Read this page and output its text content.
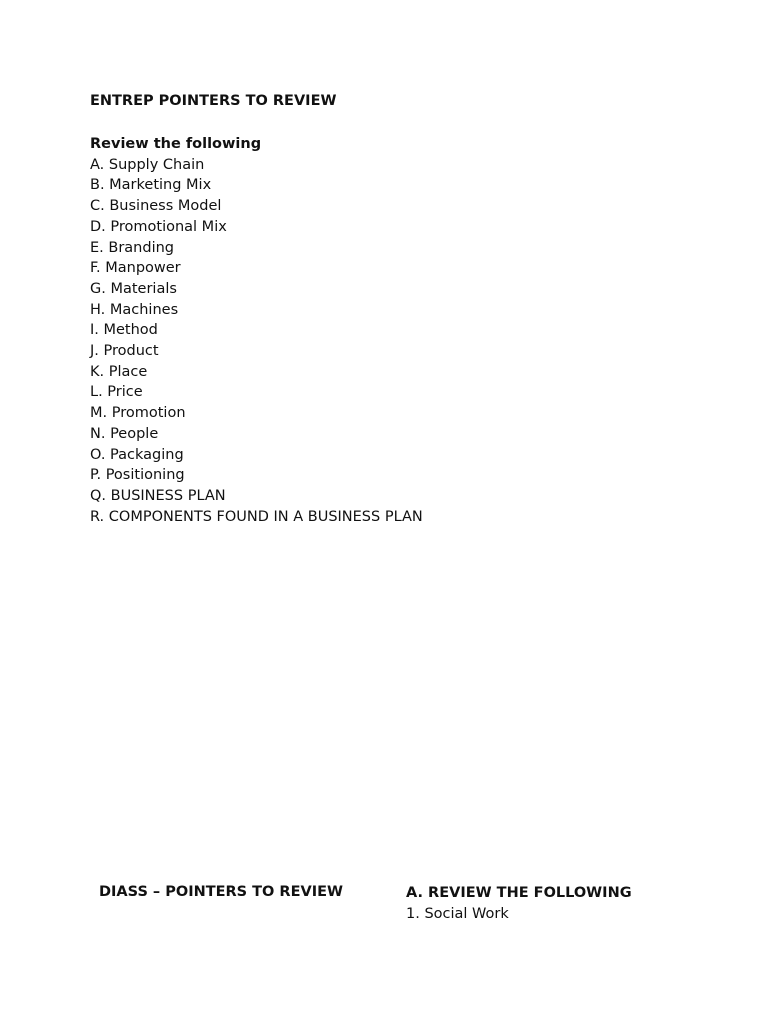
ENTREP POINTERS TO REVIEW
Review the following
A. Supply Chain
B. Marketing Mix
C. Business Model
D. Promotional Mix
E. Branding
F. Manpower
G. Materials
H. Machines
I. Method
J. Product
K. Place
L. Price
M. Promotion
N. People
O. Packaging
P. Positioning
Q. BUSINESS PLAN
R. COMPONENTS FOUND IN A BUSINESS PLAN
DIASS – POINTERS TO REVIEW	A. REVIEW THE FOLLOWING
1. Social Work
